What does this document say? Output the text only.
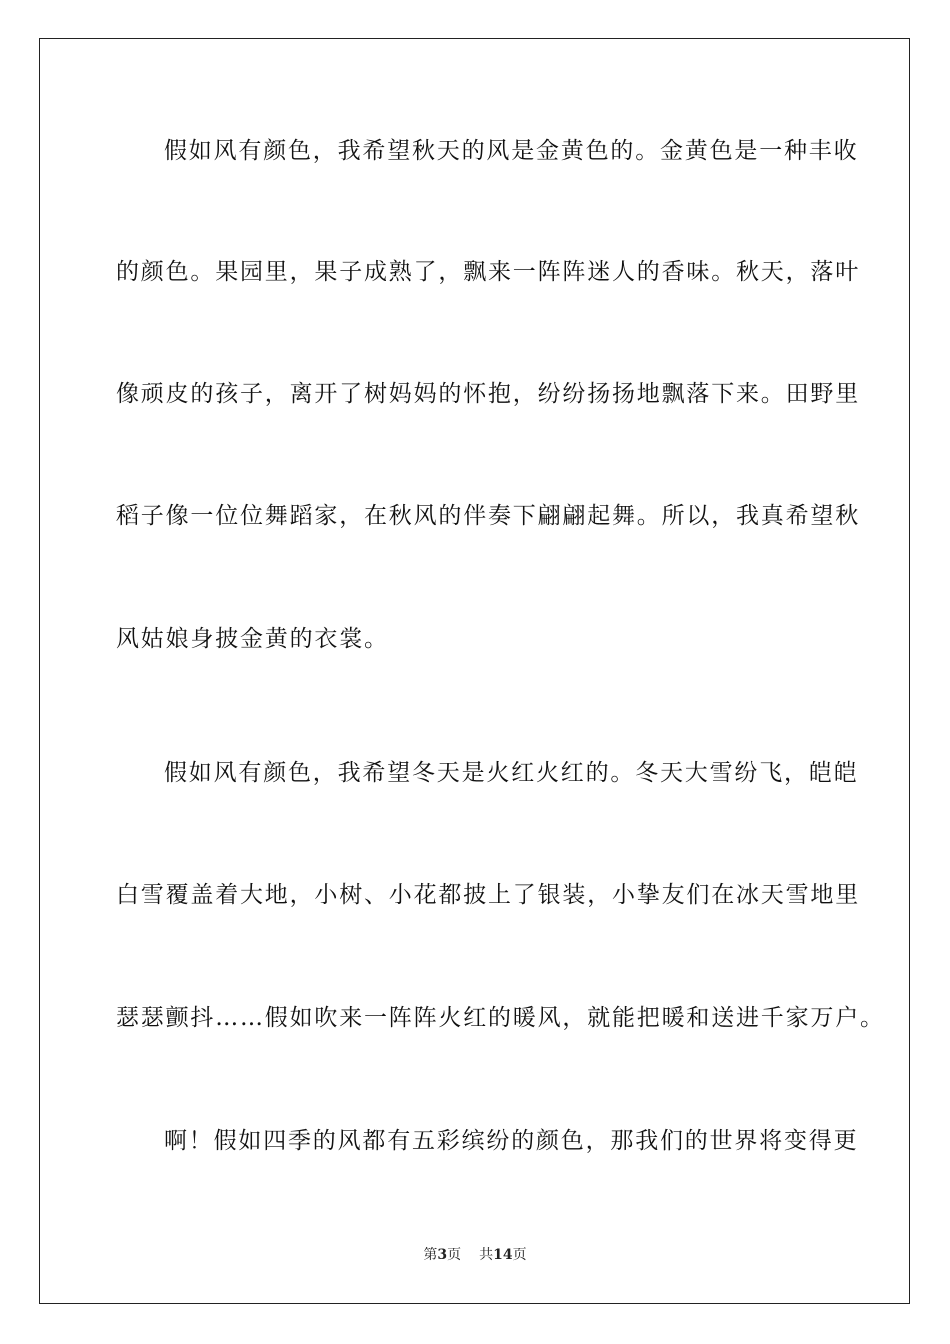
假如风有颜色，我希望秋天的风是金黄色的。金黄色是一种丰收
的颜色。果园里，果子成熟了，飘来一阵阵迷人的香味。秋天，落叶
像顽皮的孩子，离开了树妈妈的怀抱，纷纷扬扬地飘落下来。田野里
稻子像一位位舞蹈家，在秋风的伴奏下翩翩起舞。所以，我真希望秋
风姑娘身披金黄的衣裳。
假如风有颜色，我希望冬天是火红火红的。冬天大雪纷飞，皑皑
白雪覆盖着大地，小树、小花都披上了银装，小挚友们在冰天雪地里
瑟瑟颤抖……假如吹来一阵阵火红的暖风，就能把暖和送进千家万户。
啊！假如四季的风都有五彩缤纷的颜色，那我们的世界将变得更
第3页 共14页
